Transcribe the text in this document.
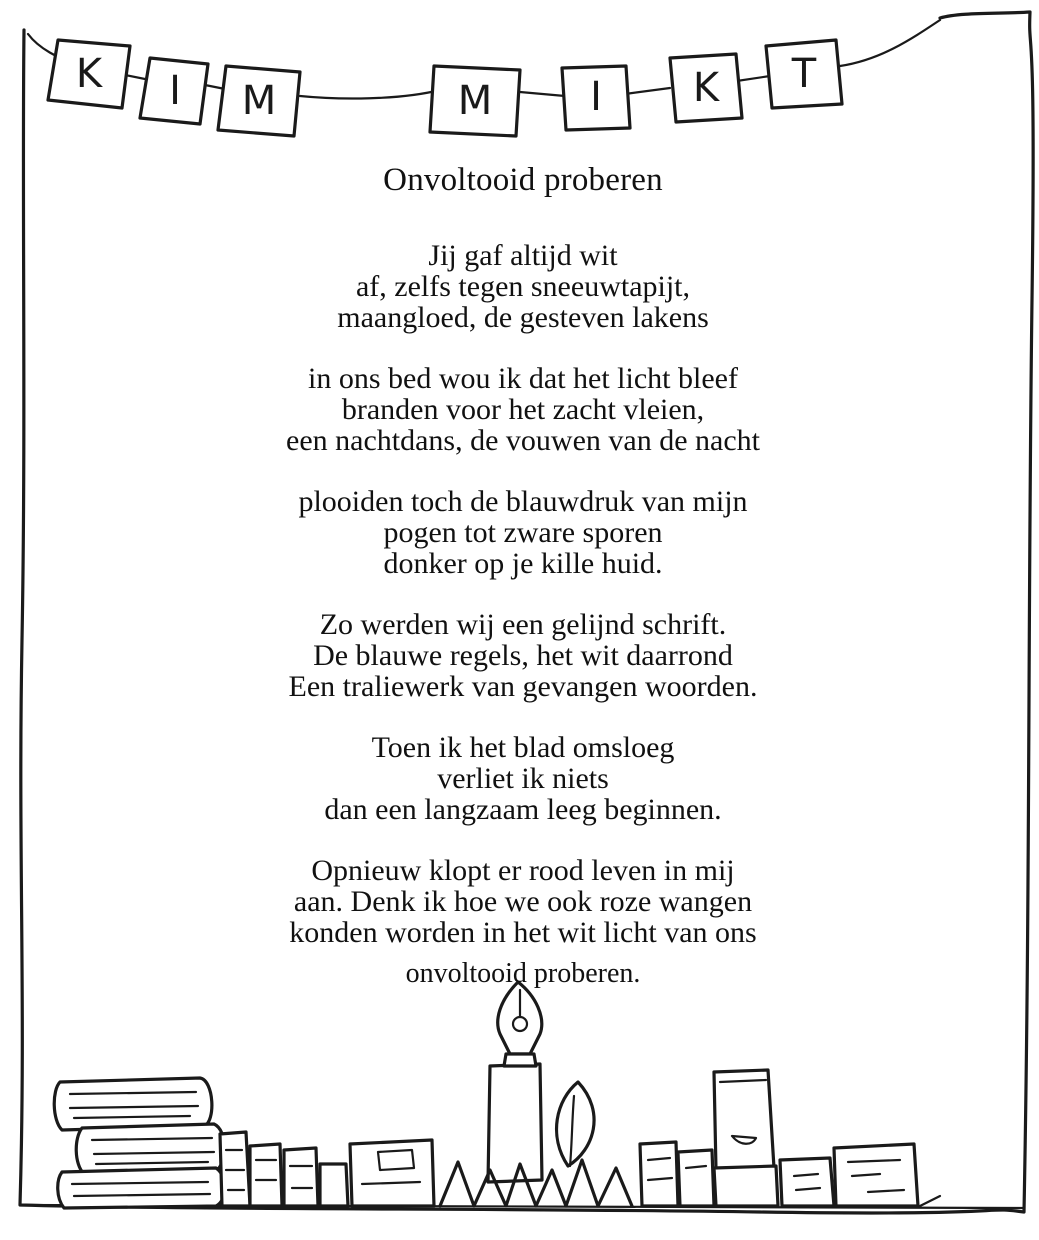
K I M	M I K T
Onvoltooid proberen
Jij gaf altijd wit
af, zelfs tegen sneeuwtapijt,
maangloed, de gesteven lakens
in ons bed wou ik dat het licht bleef
branden voor het zacht vleien,
een nachtdans, de vouwen van de nacht
plooiden toch de blauwdruk van mijn
pogen tot zware sporen
donker op je kille huid.
Zo werden wij een gelijnd schrift.
De blauwe regels, het wit daarrond
Een traliewerk van gevangen woorden.
Toen ik het blad omsloeg
verliet ik niets
dan een langzaam leeg beginnen.
Opnieuw klopt er rood leven in mij
aan. Denk ik hoe we ook roze wangen
konden worden in het wit licht van ons
onvoltooid proberen.
